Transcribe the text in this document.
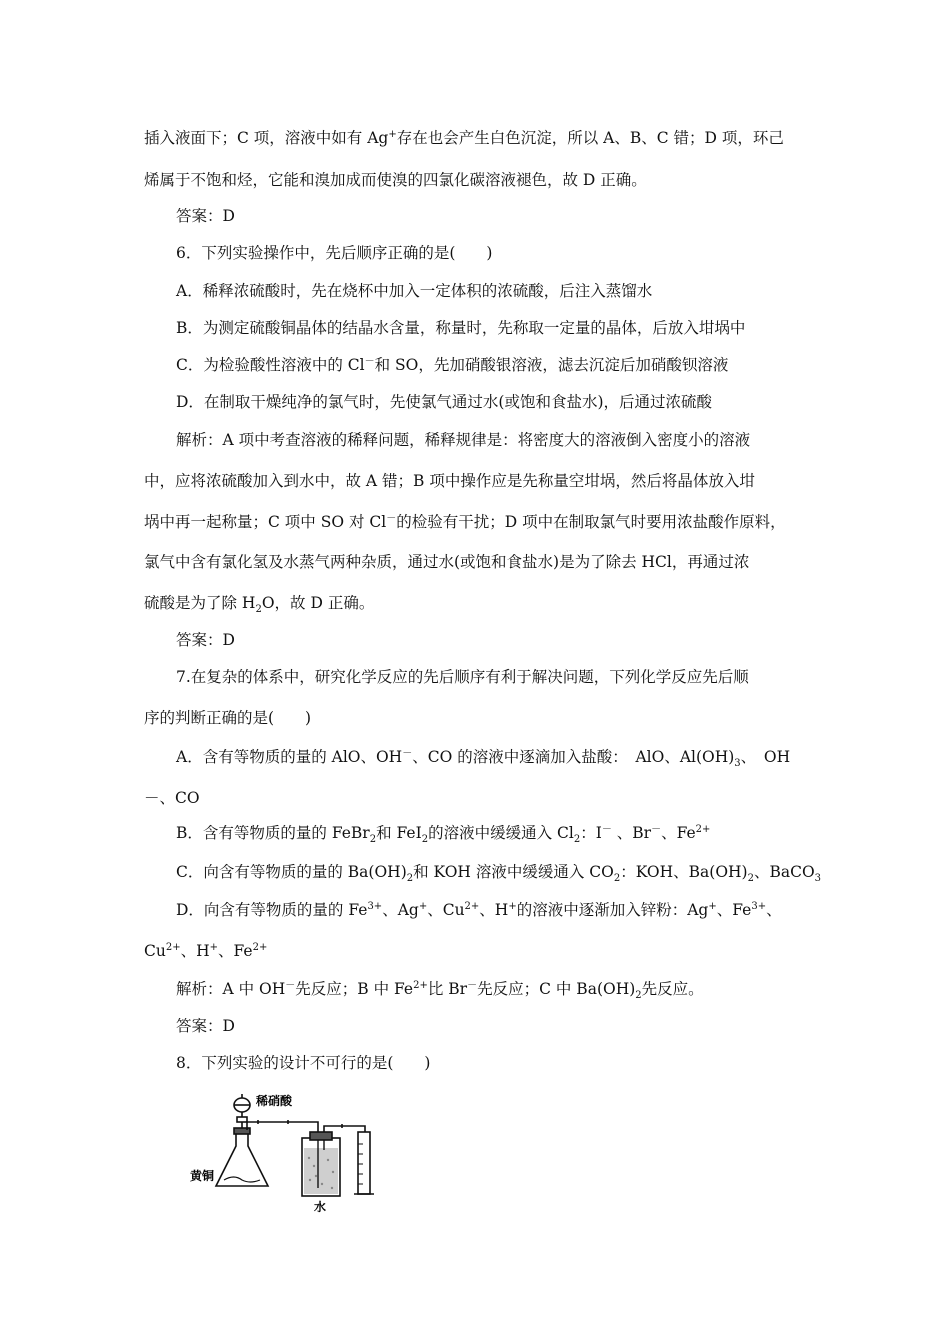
插入液面下；C 项，溶液中如有 Ag+存在也会产生白色沉淀，所以 A、B、C 错；D 项，环己
烯属于不饱和烃，它能和溴加成而使溴的四氯化碳溶液褪色，故 D 正确。
答案：D
6．下列实验操作中，先后顺序正确的是(　　)
A．稀释浓硫酸时，先在烧杯中加入一定体积的浓硫酸，后注入蒸馏水
B．为测定硫酸铜晶体的结晶水含量，称量时，先称取一定量的晶体，后放入坩埚中
C．为检验酸性溶液中的 Cl－和 SO，先加硝酸银溶液，滤去沉淀后加硝酸钡溶液
D．在制取干燥纯净的氯气时，先使氯气通过水(或饱和食盐水)，后通过浓硫酸
解析：A 项中考查溶液的稀释问题，稀释规律是：将密度大的溶液倒入密度小的溶液
中，应将浓硫酸加入到水中，故 A 错；B 项中操作应是先称量空坩埚，然后将晶体放入坩
埚中再一起称量；C 项中 SO 对 Cl－的检验有干扰；D 项中在制取氯气时要用浓盐酸作原料，
氯气中含有氯化氢及水蒸气两种杂质，通过水(或饱和食盐水)是为了除去 HCl，再通过浓
硫酸是为了除 $H_2O$，故 D 正确。
答案：D
7.在复杂的体系中，研究化学反应的先后顺序有利于解决问题，下列化学反应先后顺
序的判断正确的是(　　)
A．含有等物质的量的 AlO、OH－、CO 的溶液中逐滴加入盐酸：　AlO、$Al(OH)_3$、　OH
－、CO
B．含有等物质的量的 FeBr$_2$和 FeI$_2$的溶液中缓缓通入 $Cl_2$：I－ 、Br－、$Fe^{2+}$
C．向含有等物质的量的 $Ba(OH)_2$和 KOH 溶液中缓缓通入 $CO_2$：KOH、$Ba(OH)_2$、BaCO$_3$
D．向含有等物质的量的 $Fe^{3+}$、Ag+、$Cu^{2+}$、H+的溶液中逐渐加入锌粉：Ag+、$Fe^{3+}$、
$Cu^{2+}$、H+、$Fe^{2+}$
解析：A 中 OH－先反应；B 中 $Fe^{2+}$比 Br－先反应；C 中 $Ba(OH)_2$先反应。
答案：D
8．下列实验的设计不可行的是(　　)
稀硝酸
黄铜
水
